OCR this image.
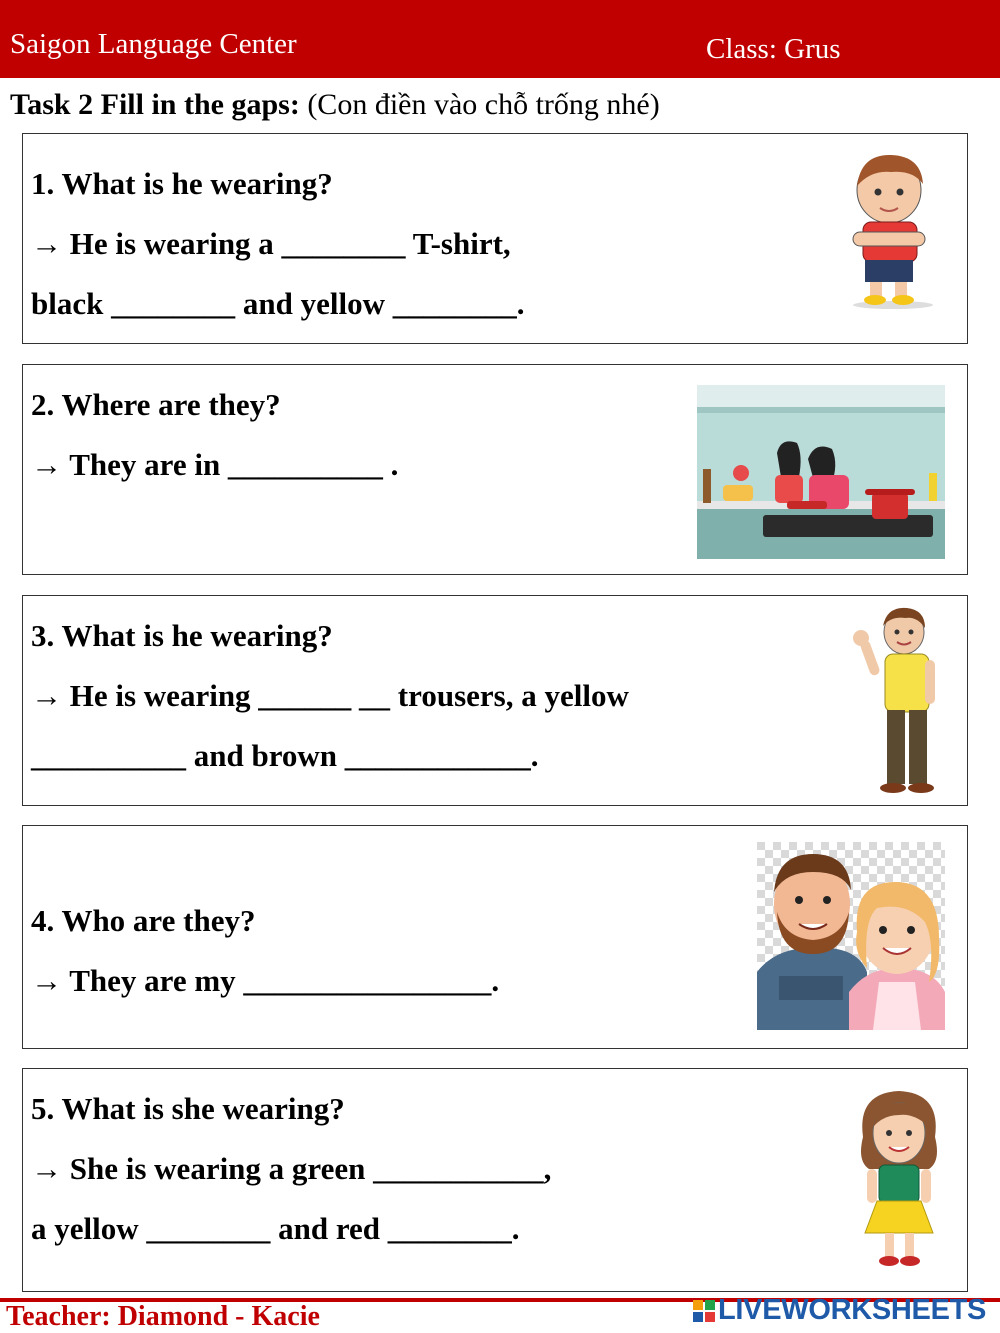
Saigon Language Center	Class: Grus
Task 2 Fill in the gaps: (Con điền vào chỗ trống nhé)
1. What is he wearing?
→ He is wearing a ________ T-shirt,
black ________ and yellow ________.
2. Where are they?
→ They are in __________ .
3. What is he wearing?
→ He is wearing ______ __ trousers, a yellow
__________ and brown ____________.
4. Who are they?
→ They are my ________________.
5. What is she wearing?
→ She is wearing a green ___________,
a yellow ________ and red ________.
Teacher: Diamond - Kacie	LIVEWORKSHEETS
